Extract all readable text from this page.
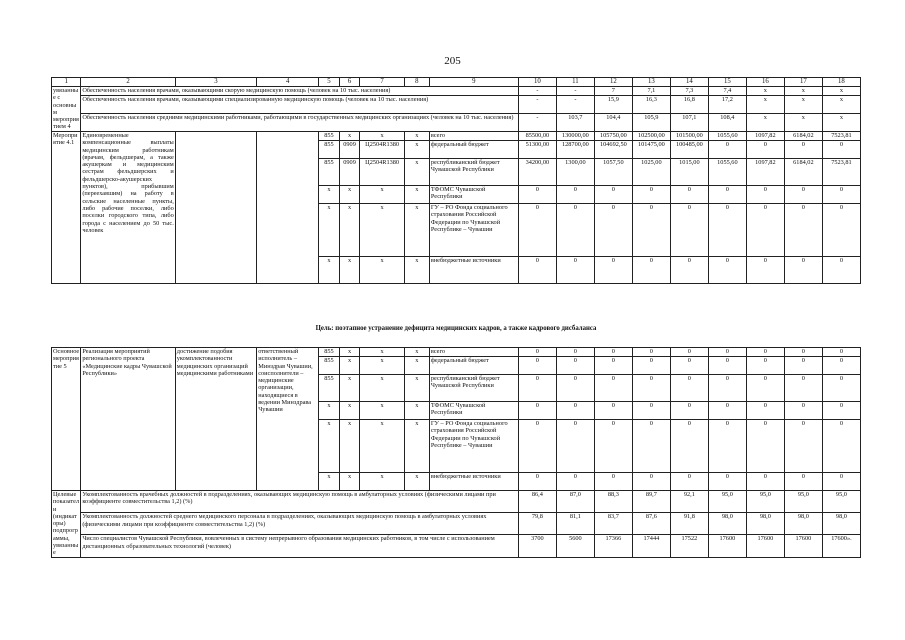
205
1	2	3	4	5	6	7	8	9	10	11	12	13	14	15	16	17	18
увязанные с основным мероприятием 4	Обеспеченность населения врачами, оказывающими скорую медицинскую помощь (человек на 10 тыс. населения)								-	-	7	7,1	7,3	7,4	x	x	x
	Обеспеченность населения врачами, оказывающими специализированную медицинскую помощь (человек на 10 тыс. населения)								-	-	15,9	16,3	16,8	17,2	x	x	x
	Обеспеченность населения средними медицинскими работниками, работающими в государственных медицинских организациях (человек на 10 тыс. населения)								-	103,7	104,4	105,9	107,1	108,4	x	x	x
Мероприятие 4.1	Единовременные компенсационные выплаты медицинским работникам (врачам, фельдшерам, а также акушеркам и медицинским сестрам фельдшерских и фельдшерско-акушерских пунктов), прибывшим (переехавшим) на работу в сельские населенные пункты, либо рабочие поселки, либо поселки городского типа, либо города с населением до 50 тыс. человек			855	x	x	x	всего	85500,00	130000,00	105750,00	102500,00	101500,00	1055,60	1097,82	6184,02	7523,81
				855	0909	Ц2504R1380	x	федеральный бюджет	51300,00	128700,00	104692,50	101475,00	100485,00	0	0	0	0
				855	0909	Ц2504R1380	x	республиканский бюджет Чувашской Республики	34200,00	1300,00	1057,50	1025,00	1015,00	1055,60	1097,82	6184,02	7523,81
				x	x	x	x	ТФОМС Чувашской Республики	0	0	0	0	0	0	0	0	0
				x	x	x	x	ГУ – РО Фонда социального страхования Российской Федерации по Чувашской Республике – Чувашии	0	0	0	0	0	0	0	0	0
				x	x	x	x	внебюджетные источники	0	0	0	0	0	0	0	0	0
Цель: поэтапное устранение дефицита медицинских кадров, а также кадрового дисбаланса
Основное мероприятие 5	Реализация мероприятий регионального проекта «Медицинские кадры Чувашской Республики»	достижение подобия укомплектованности медицинских организаций медицинскими работниками	ответственный исполнитель – Минздрав Чувашии, соисполнители – медицинские организации, находящиеся в ведении Минздрава Чувашии	855	x	x	x	всего	0	0	0	0	0	0	0	0	0
				855	x	x	x	федеральный бюджет	0	0	0	0	0	0	0	0	0
				855	x	x	x	республиканский бюджет Чувашской Республики	0	0	0	0	0	0	0	0	0
				x	x	x	x	ТФОМС Чувашской Республики	0	0	0	0	0	0	0	0	0
				x	x	x	x	ГУ – РО Фонда социального страхования Российской Федерации по Чувашской Республике – Чувашии	0	0	0	0	0	0	0	0	0
				x	x	x	x	внебюджетные источники	0	0	0	0	0	0	0	0	0
Целевые показатели (индикаторы) подпрограммы, увязанные	Укомплектованность врачебных должностей в подразделениях, оказывающих медицинскую помощь в амбулаторных условиях (физическими лицами при коэффициенте совместительства 1,2) (%)								86,4	87,0	88,3	89,7	92,1	95,0	95,0	95,0	95,0
	Укомплектованность должностей среднего медицинского персонала в подразделениях, оказывающих медицинскую помощь в амбулаторных условиях (физическими лицами при коэффициенте совместительства 1,2) (%)								79,8	81,1	83,7	87,6	91,8	98,0	98,0	98,0	98,0
	Число специалистов Чувашской Республики, вовлеченных в систему непрерывного образования медицинских работников, в том числе с использованием дистанционных образовательных технологий (человек)								3700	5600	17366	17444	17522	17600	17600	17600	17600».
